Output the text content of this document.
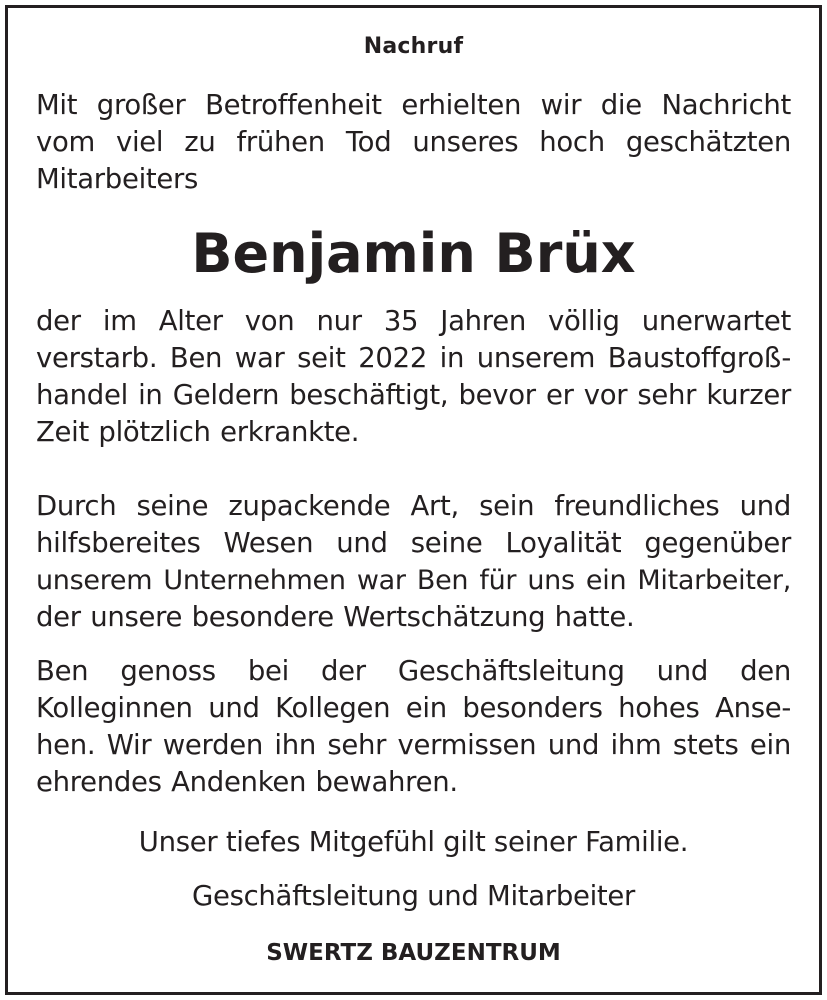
Nachruf
Mit großer Betroffenheit erhielten wir die Nachricht
vom viel zu frühen Tod unseres hoch geschätzten
Mitarbeiters
Benjamin Brüx
der im Alter von nur 35 Jahren völlig unerwartet
verstarb. Ben war seit 2022 in unserem Baustoffgroß-
handel in Geldern beschäftigt, bevor er vor sehr kurzer
Zeit plötzlich erkrankte.
Durch seine zupackende Art, sein freundliches und
hilfsbereites Wesen und seine Loyalität gegenüber
unserem Unternehmen war Ben für uns ein Mitarbeiter,
der unsere besondere Wertschätzung hatte.
Ben genoss bei der Geschäftsleitung und den
Kolleginnen und Kollegen ein besonders hohes Anse-
hen. Wir werden ihn sehr vermissen und ihm stets ein
ehrendes Andenken bewahren.
Unser tiefes Mitgefühl gilt seiner Familie.
Geschäftsleitung und Mitarbeiter
SWERTZ BAUZENTRUM
